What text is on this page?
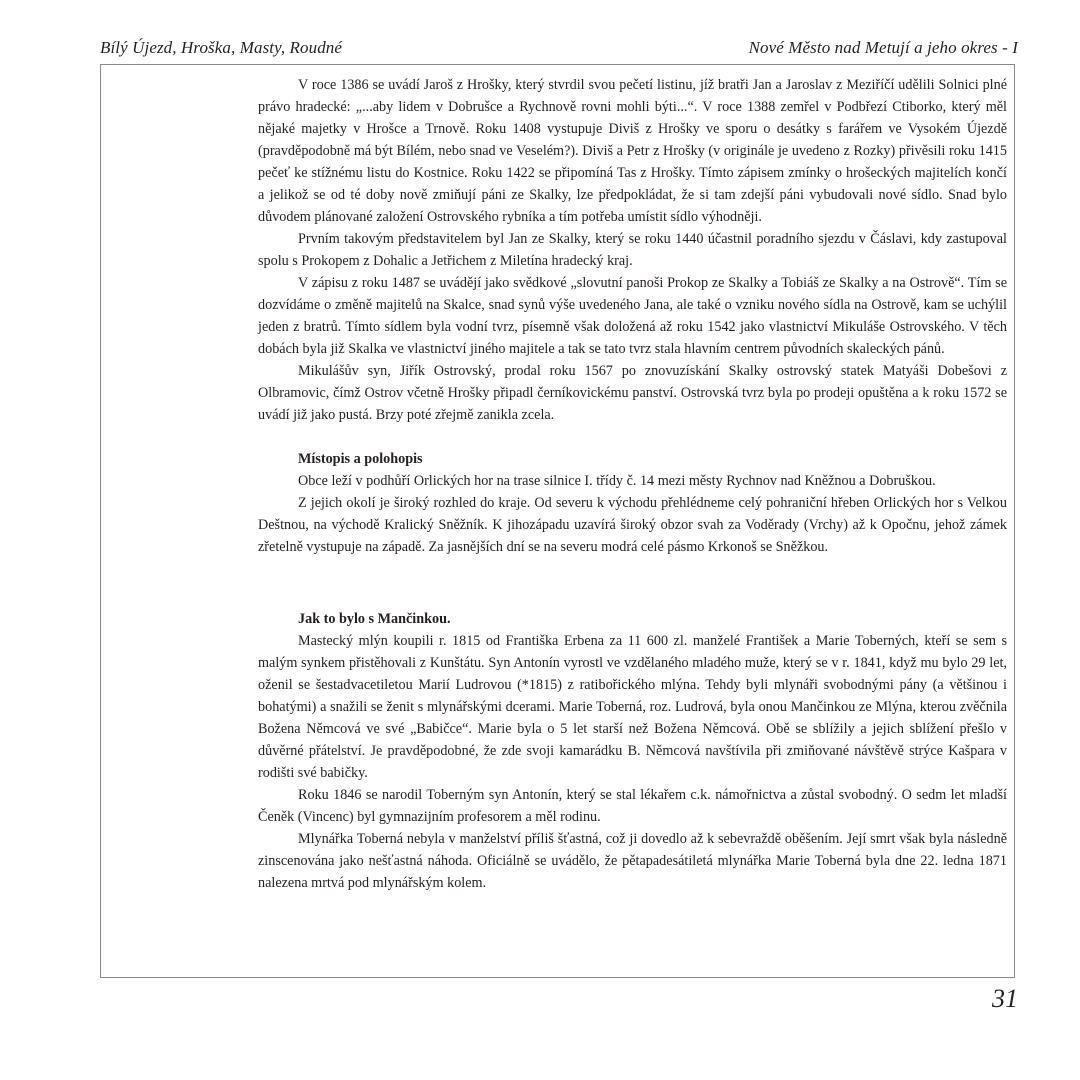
Bílý Újezd, Hroška, Masty, Roudné	Nové Město nad Metují a jeho okres - I

V roce 1386 se uvádí Jaroš z Hrošky, který stvrdil svou pečetí listinu, jíž bratři Jan a Jaroslav z Meziříčí udělili Solnici plné právo hradecké: „...aby lidem v Dobrušce a Rychnově rovni mohli býti...“. V roce 1388 zemřel v Podbřezí Ctiborko, který měl nějaké majetky v Hrošce a Trnově. Roku 1408 vystupuje Diviš z Hrošky ve sporu o desátky s farářem ve Vysokém Újezdě (pravděpodobně má být Bílém, nebo snad ve Veselém?). Diviš a Petr z Hrošky (v originále je uvedeno z Rozky) přivěsili roku 1415 pečeť ke stížnému listu do Kostnice. Roku 1422 se připomíná Tas z Hrošky. Tímto zápisem zmínky o hrošeckých majitelích končí a jelikož se od té doby nově zmiňují páni ze Skalky, lze předpokládat, že si tam zdejší páni vybudovali nové sídlo. Snad bylo důvodem plánované založení Ostrovského rybníka a tím potřeba umístit sídlo výhodněji.

Prvním takovým představitelem byl Jan ze Skalky, který se roku 1440 účastnil poradního sjezdu v Čáslavi, kdy zastupoval spolu s Prokopem z Dohalic a Jetřichem z Miletína hradecký kraj.

V zápisu z roku 1487 se uvádějí jako svědkové „slovutní panoši Prokop ze Skalky a Tobiáš ze Skalky a na Ostrově“. Tím se dozvídáme o změně majitelů na Skalce, snad synů výše uvedeného Jana, ale také o vzniku nového sídla na Ostrově, kam se uchýlil jeden z bratrů. Tímto sídlem byla vodní tvrz, písemně však doložená až roku 1542 jako vlastnictví Mikuláše Ostrovského. V těch dobách byla již Skalka ve vlastnictví jiného majitele a tak se tato tvrz stala hlavním centrem původních skaleckých pánů.

Mikulášův syn, Jiřík Ostrovský, prodal roku 1567 po znovuzískání Skalky ostrovský statek Matyáši Dobešovi z Olbramovic, čímž Ostrov včetně Hrošky připadl černíkovickému panství. Ostrovská tvrz byla po prodeji opuštěna a k roku 1572 se uvádí již jako pustá. Brzy poté zřejmě zanikla zcela.

Místopis a polohopis

Obce leží v podhůří Orlických hor na trase silnice I. třídy č. 14 mezi městy Rychnov nad Kněžnou a Dobruškou.

Z jejich okolí je široký rozhled do kraje. Od severu k východu přehlédneme celý pohraniční hřeben Orlických hor s Velkou Deštnou, na východě Kralický Sněžník. K jihozápadu uzavírá široký obzor svah za Voděrady (Vrchy) až k Opočnu, jehož zámek zřetelně vystupuje na západě. Za jasnějších dní se na severu modrá celé pásmo Krkonoš se Sněžkou.

Jak to bylo s Mančinkou.

Mastecký mlýn koupili r. 1815 od Františka Erbena za 11 600 zl. manželé František a Marie Toberných, kteří se sem s malým synkem přistěhovali z Kunštátu. Syn Antonín vyrostl ve vzdělaného mladého muže, který se v r. 1841, když mu bylo 29 let, oženil se šestadvacetiletou Marií Ludrovou (*1815) z ratibořického mlýna. Tehdy byli mlynáři svobodnými pány (a většinou i bohatými) a snažili se ženit s mlynářskými dcerami. Marie Toberná, roz. Ludrová, byla onou Mančinkou ze Mlýna, kterou zvěčnila Božena Němcová ve své „Babičce“. Marie byla o 5 let starší než Božena Němcová. Obě se sblížily a jejich sblížení přešlo v důvěrné přátelství. Je pravděpodobné, že zde svoji kamarádku B. Němcová navštívila při zmiňované návštěvě strýce Kašpara v rodišti své babičky.

Roku 1846 se narodil Toberným syn Antonín, který se stal lékařem c.k. námořnictva a zůstal svobodný. O sedm let mladší Čeněk (Vincenc) byl gymnazijním profesorem a měl rodinu.

Mlynářka Toberná nebyla v manželství příliš šťastná, což ji dovedlo až k sebevraždě oběšením. Její smrt však byla následně zinscenována jako nešťastná náhoda. Oficiálně se uvádělo, že pětapadesátiletá mlynářka Marie Toberná byla dne 22. ledna 1871 nalezena mrtvá pod mlynářským kolem.

31
